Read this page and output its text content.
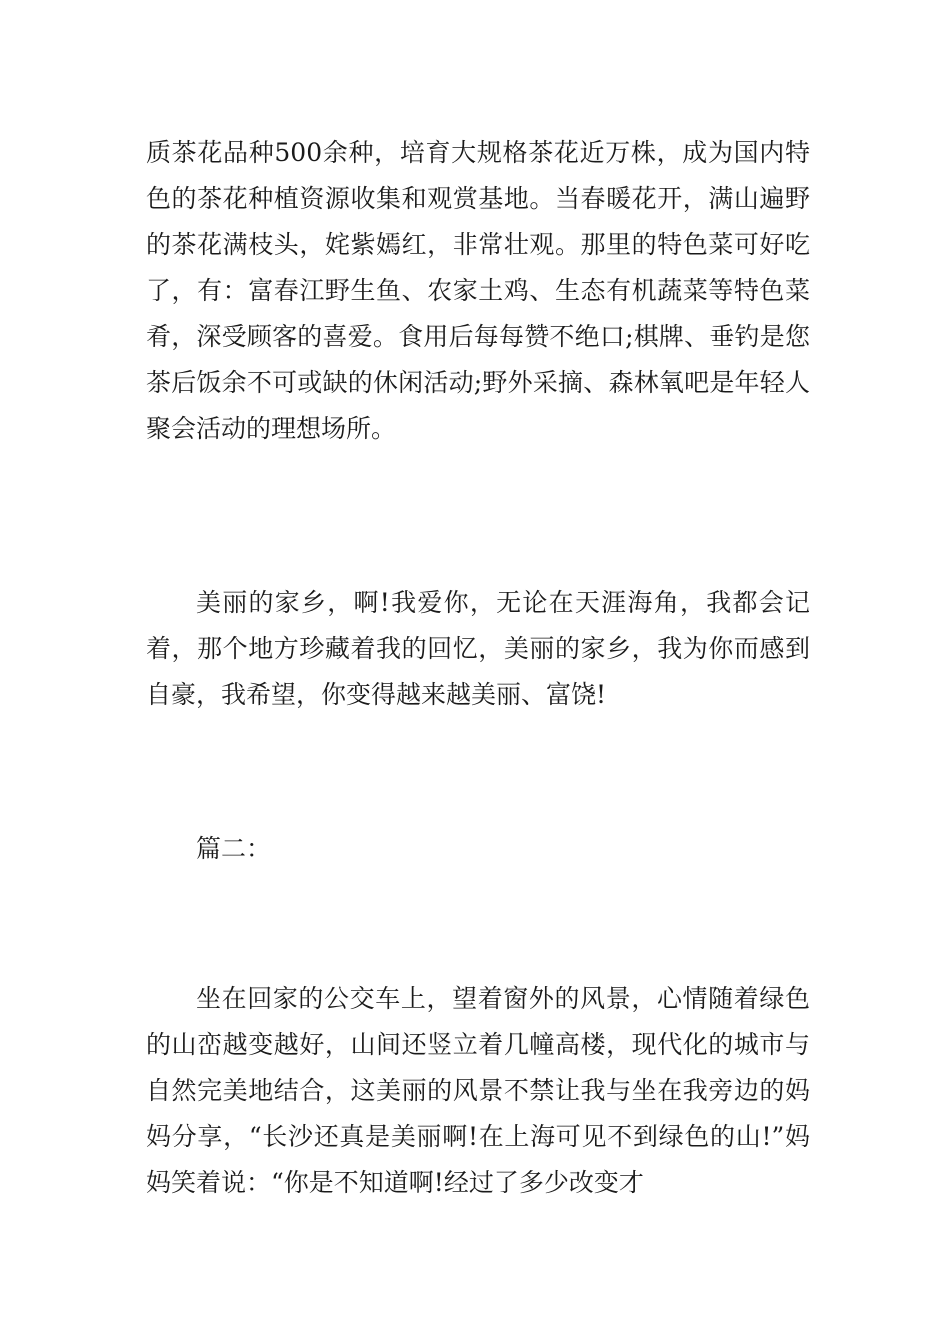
质茶花品种500余种，培育大规格茶花近万株，成为国内特色的茶花种植资源收集和观赏基地。当春暖花开，满山遍野的茶花满枝头，姹紫嫣红，非常壮观。那里的特色菜可好吃了，有：富春江野生鱼、农家土鸡、生态有机蔬菜等特色菜肴，深受顾客的喜爱。食用后每每赞不绝口;棋牌、垂钓是您茶后饭余不可或缺的休闲活动;野外采摘、森林氧吧是年轻人聚会活动的理想场所。

美丽的家乡，啊!我爱你，无论在天涯海角，我都会记着，那个地方珍藏着我的回忆，美丽的家乡，我为你而感到自豪，我希望，你变得越来越美丽、富饶!

篇二：

坐在回家的公交车上，望着窗外的风景，心情随着绿色的山峦越变越好，山间还竖立着几幢高楼，现代化的城市与自然完美地结合，这美丽的风景不禁让我与坐在我旁边的妈妈分享，“长沙还真是美丽啊!在上海可见不到绿色的山!”妈妈笑着说：“你是不知道啊!经过了多少改变才
